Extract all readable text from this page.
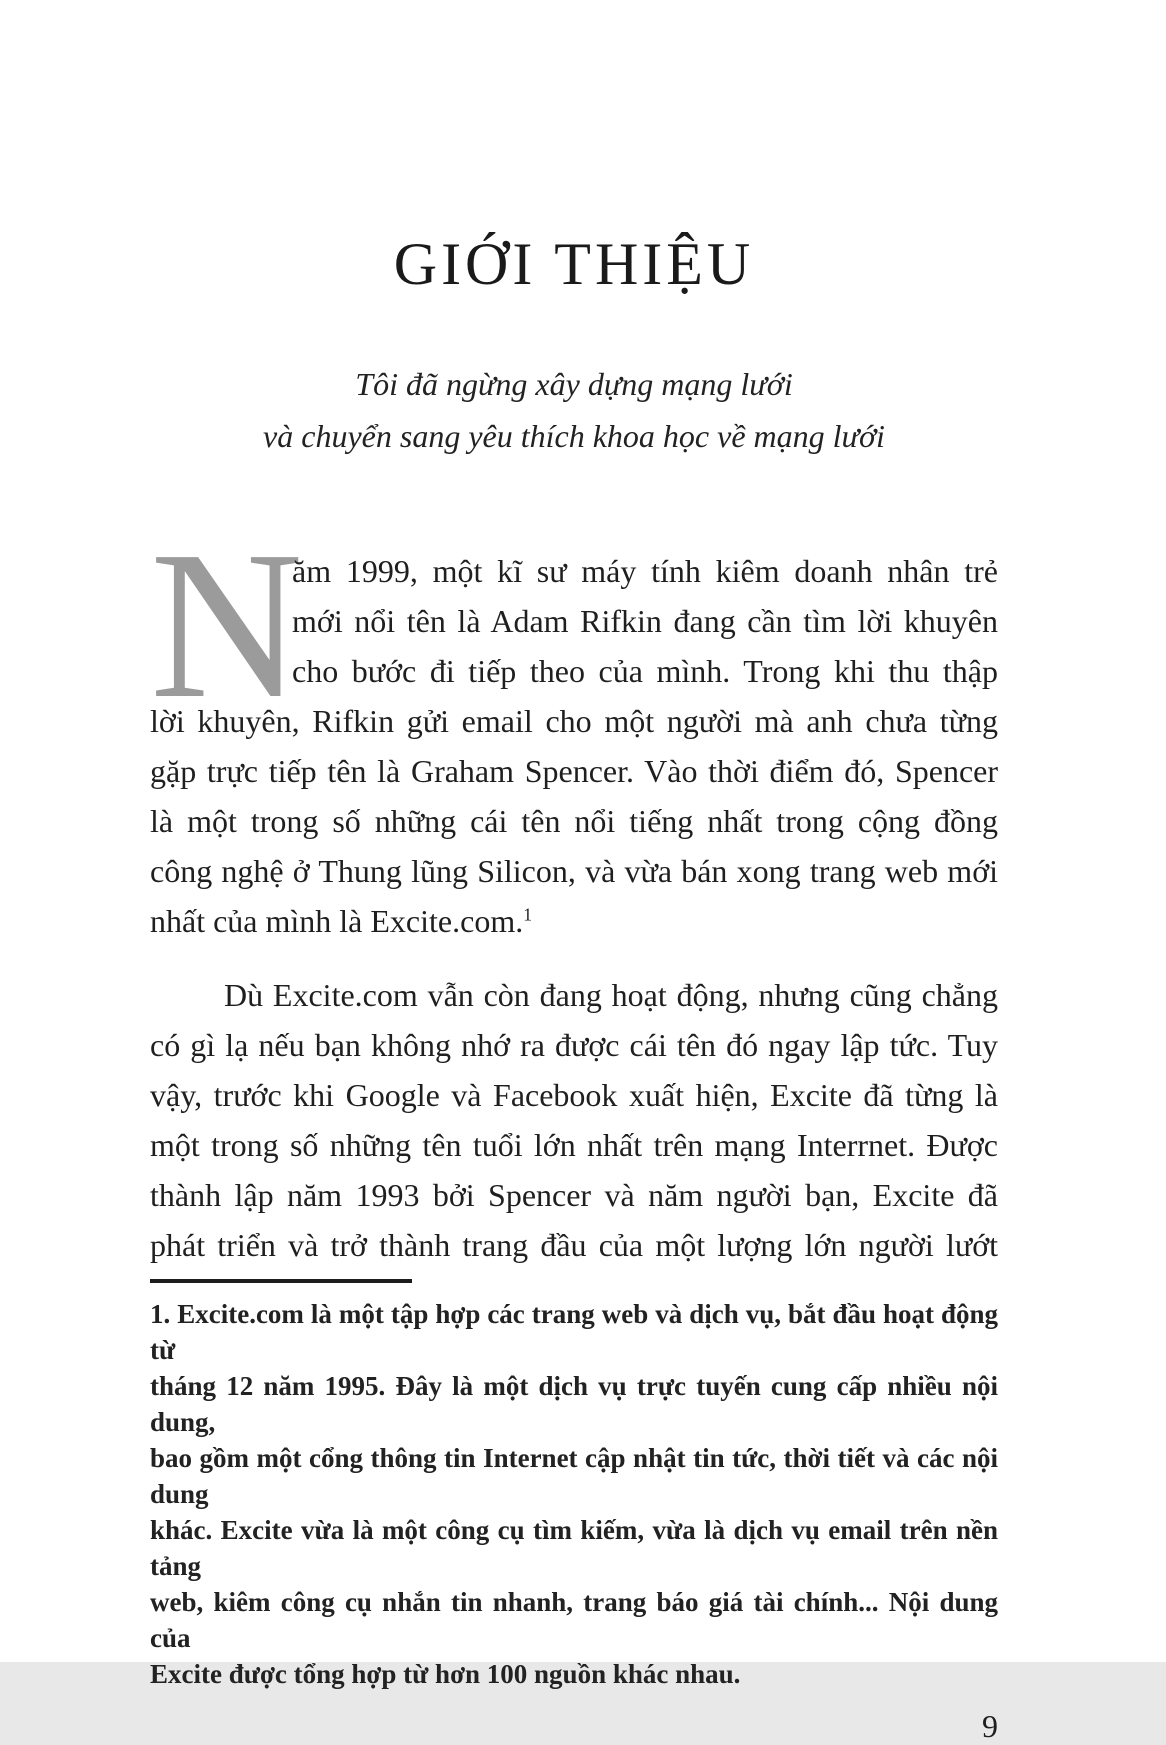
GIỚI THIỆU
Tôi đã ngừng xây dựng mạng lưới
và chuyển sang yêu thích khoa học về mạng lưới
N
ăm 1999, một kĩ sư máy tính kiêm doanh nhân trẻ
mới nổi tên là Adam Rifkin đang cần tìm lời khuyên
cho bước đi tiếp theo của mình. Trong khi thu thập
lời khuyên, Rifkin gửi email cho một người mà anh chưa từng
gặp trực tiếp tên là Graham Spencer. Vào thời điểm đó, Spencer
là một trong số những cái tên nổi tiếng nhất trong cộng đồng
công nghệ ở Thung lũng Silicon, và vừa bán xong trang web mới
nhất của mình là Excite.com.$^1$
Dù Excite.com vẫn còn đang hoạt động, nhưng cũng chẳng
có gì lạ nếu bạn không nhớ ra được cái tên đó ngay lập tức. Tuy
vậy, trước khi Google và Facebook xuất hiện, Excite đã từng là
một trong số những tên tuổi lớn nhất trên mạng Interrnet. Được
thành lập năm 1993 bởi Spencer và năm người bạn, Excite đã
phát triển và trở thành trang đầu của một lượng lớn người lướt
1. Excite.com là một tập hợp các trang web và dịch vụ, bắt đầu hoạt động từ
tháng 12 năm 1995. Đây là một dịch vụ trực tuyến cung cấp nhiều nội dung,
bao gồm một cổng thông tin Internet cập nhật tin tức, thời tiết và các nội dung
khác. Excite vừa là một công cụ tìm kiếm, vừa là dịch vụ email trên nền tảng
web, kiêm công cụ nhắn tin nhanh, trang báo giá tài chính... Nội dung của
Excite được tổng hợp từ hơn 100 nguồn khác nhau.
9
